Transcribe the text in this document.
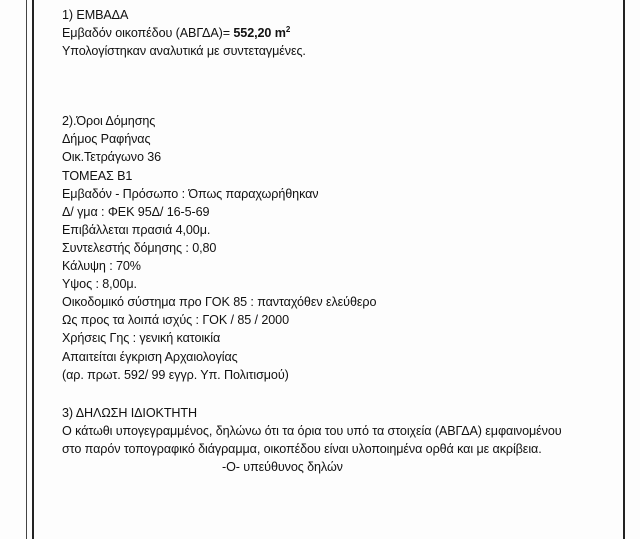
1) ΕΜΒΑΔΑ
Εμβαδόν οικοπέδου (ΑΒΓΔΑ)= 552,20 $m^2$
Υπολογίστηκαν αναλυτικά με συντεταγμένες.
2).Όροι Δόμησης
Δήμος Ραφήνας
Οικ.Τετράγωνο 36
ΤΟΜΕΑΣ Β1
Εμβαδόν - Πρόσωπο : Όπως παραχωρήθηκαν
Δ/ γμα : ΦΕΚ 95Δ/ 16-5-69
Επιβάλλεται πρασιά 4,00μ.
Συντελεστής δόμησης : 0,80
Κάλυψη : 70%
Υψος : 8,00μ.
Οικοδομικό σύστημα προ ΓΟΚ 85 : πανταχόθεν ελεύθερο
Ως προς τα λοιπά ισχύς : ΓΟΚ / 85 / 2000
Χρήσεις Γης : γενική κατοικία
Απαιτείται έγκριση Αρχαιολογίας
(αρ. πρωτ. 592/ 99 εγγρ. Υπ. Πολιτισμού)
3) ΔΗΛΩΣΗ ΙΔΙΟΚΤΗΤΗ
Ο κάτωθι υπογεγραμμένος, δηλώνω ότι τα όρια του υπό τα στοιχεία (ΑΒΓΔΑ) εμφαινομένου
στο παρόν τοπογραφικό διάγραμμα, οικοπέδου είναι υλοποιημένα ορθά και με ακρίβεια.
-Ο- υπεύθυνος δηλών
